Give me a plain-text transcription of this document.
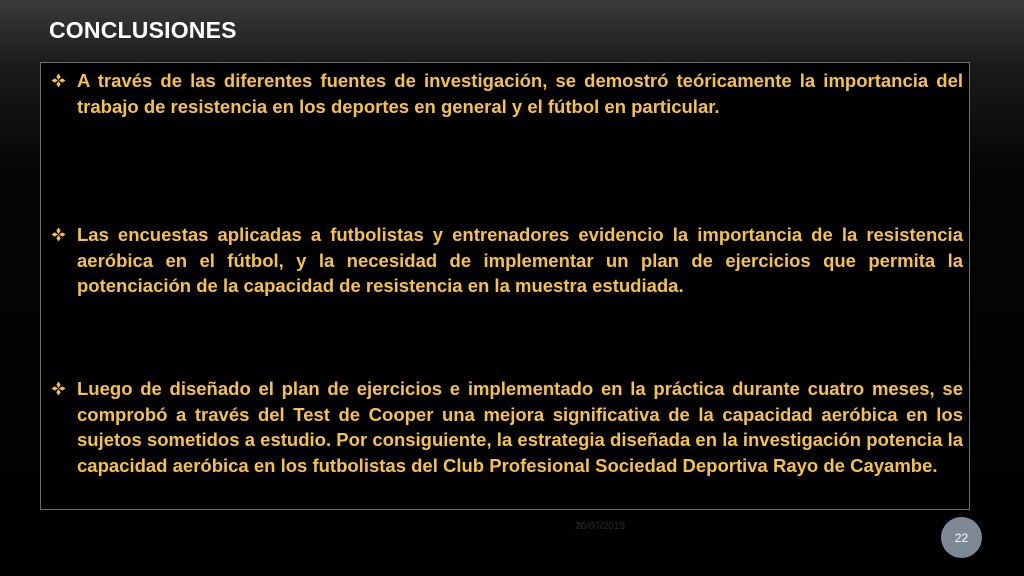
CONCLUSIONES

A través de las diferentes fuentes de investigación, se demostró teóricamente la importancia del trabajo de resistencia en los deportes en general y el fútbol en particular.

Las encuestas aplicadas a futbolistas y entrenadores evidencio la importancia de la resistencia aeróbica en el fútbol, y la necesidad de implementar un plan de ejercicios que permita la potenciación de la capacidad de resistencia en la muestra estudiada.

Luego de diseñado el plan de ejercicios e implementado en la práctica durante cuatro meses, se comprobó a través del Test de Cooper una mejora significativa de la capacidad aeróbica en los sujetos sometidos a estudio. Por consiguiente, la estrategia diseñada en la investigación potencia la capacidad aeróbica en los futbolistas del Club Profesional Sociedad Deportiva Rayo de Cayambe.

26/07/2019
22
